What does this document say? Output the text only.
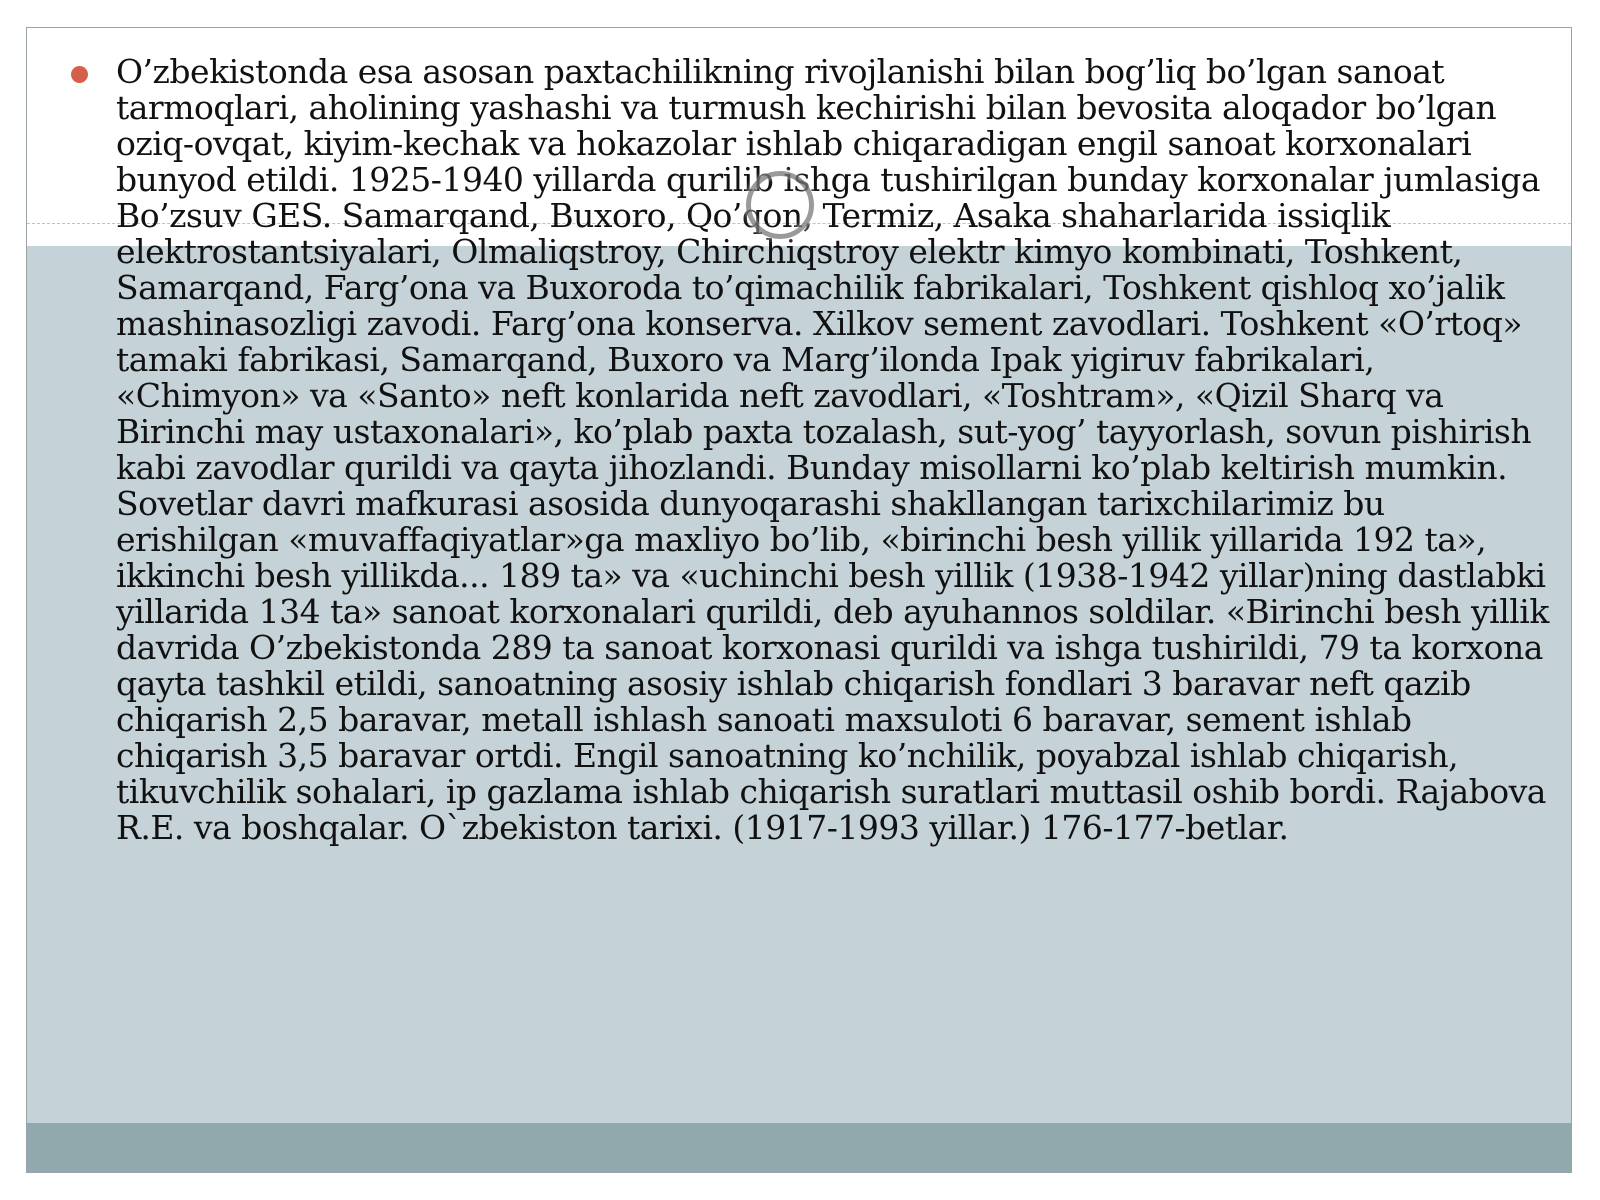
O’zbekistonda esa asosan paxtachilikning rivojlanishi bilan bog’liq bo’lgan sanoat tarmoqlari, aholining yashashi va turmush kechirishi bilan bevosita aloqador bo’lgan oziq-ovqat, kiyim-kechak va hokazolar ishlab chiqaradigan engil sanoat korxonalari bunyod etildi. 1925-1940 yillarda qurilib ishga tushirilgan bunday korxonalar jumlasiga Bo’zsuv GES. Samarqand, Buxoro, Qo’qon, Termiz, Asaka shaharlarida issiqlik elektrostantsiyalari, Olmaliqstroy, Chirchiqstroy elektr kimyo kombinati, Toshkent, Samarqand, Farg’ona va Buxoroda to’qimachilik fabrikalari, Toshkent qishloq xo’jalik mashinasozligi zavodi. Farg’ona konserva. Xilkov sement zavodlari. Toshkent «O’rtoq» tamaki fabrikasi, Samarqand, Buxoro va Marg’ilonda Ipak yigiruv fabrikalari, «Chimyon» va «Santo» neft konlarida neft zavodlari, «Toshtram», «Qizil Sharq va Birinchi may ustaxonalari», ko’plab paxta tozalash, sut-yog’ tayyorlash, sovun pishirish kabi zavodlar qurildi va qayta jihozlandi. Bunday misollarni ko’plab keltirish mumkin. Sovetlar davri mafkurasi asosida dunyoqarashi shakllangan tarixchilarimiz bu erishilgan «muvaffaqiyatlar»ga maxliyo bo’lib, «birinchi besh yillik yillarida 192 ta», ikkinchi besh yillikda... 189 ta» va «uchinchi besh yillik (1938-1942 yillar)ning dastlabki yillarida 134 ta» sanoat korxonalari qurildi, deb ayuhannos soldilar. «Birinchi besh yillik davrida O’zbekistonda 289 ta sanoat korxonasi qurildi va ishga tushirildi, 79 ta korxona qayta tashkil etildi, sanoatning asosiy ishlab chiqarish fondlari 3 baravar neft qazib chiqarish 2,5 baravar, metall ishlash sanoati maxsuloti 6 baravar, sement ishlab chiqarish 3,5 baravar ortdi. Engil sanoatning ko’nchilik, poyabzal ishlab chiqarish, tikuvchilik sohalari, ip gazlama ishlab chiqarish suratlari muttasil oshib bordi. Rajabova R.E. va boshqalar. O`zbekiston tarixi. (1917-1993 yillar.) 176-177-betlar.
